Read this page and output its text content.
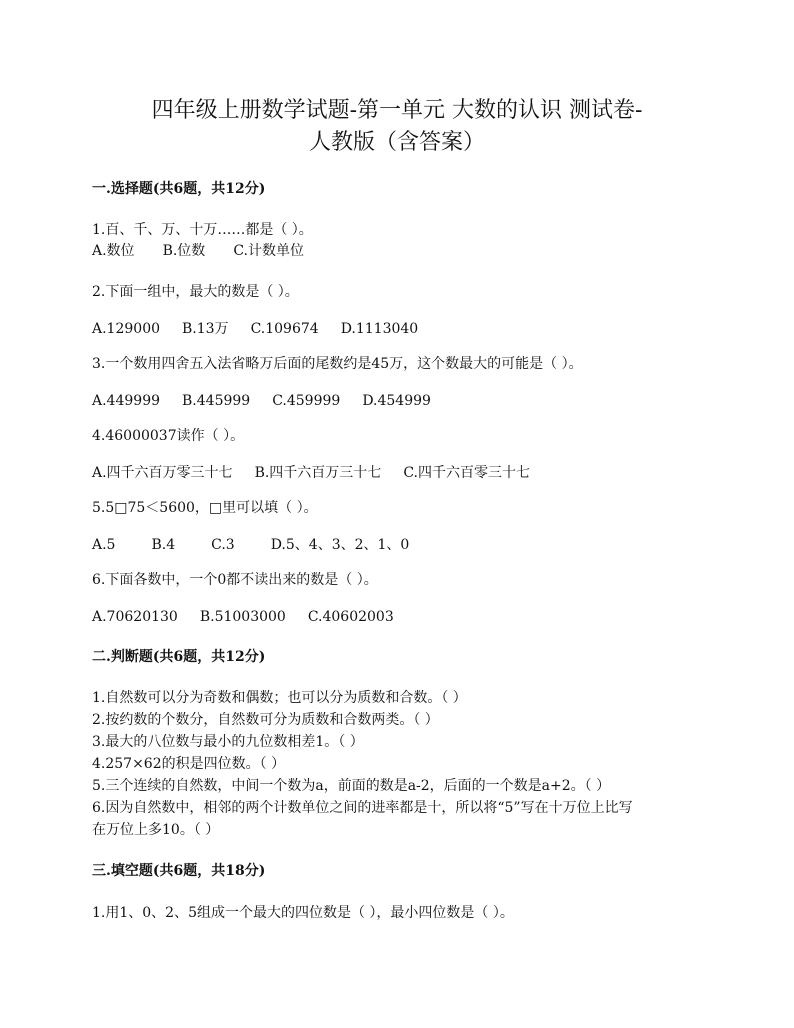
四年级上册数学试题-第一单元 大数的认识 测试卷-
人教版（含答案）
一.选择题(共6题，共12分)
1.百、千、万、十万……都是（ ）。
A.数位 B.位数 C.计数单位
2.下面一组中，最大的数是（ ）。
A.129000 B.13万 C.109674 D.1113040
3.一个数用四舍五入法省略万后面的尾数约是45万，这个数最大的可能是（ ）。
A.449999 B.445999 C.459999 D.454999
4.46000037读作（ ）。
A.四千六百万零三十七 B.四千六百万三十七 C.四千六百零三十七
5.5□75＜5600，□里可以填（ ）。
A.5	B.4	C.3	D.5、4、3、2、1、0
6.下面各数中，一个0都不读出来的数是（ ）。
A.70620130 B.51003000 C.40602003
二.判断题(共6题，共12分)
1.自然数可以分为奇数和偶数；也可以分为质数和合数。（ ）
2.按约数的个数分，自然数可分为质数和合数两类。（ ）
3.最大的八位数与最小的九位数相差1。（ ）
4.257×62的积是四位数。（ ）
5.三个连续的自然数，中间一个数为a，前面的数是a-2，后面的一个数是a+2。（ ）
6.因为自然数中，相邻的两个计数单位之间的进率都是十，所以将“5”写在十万位上比写
在万位上多10。（ ）
三.填空题(共6题，共18分)
1.用1、0、2、5组成一个最大的四位数是（ ），最小四位数是（ ）。
